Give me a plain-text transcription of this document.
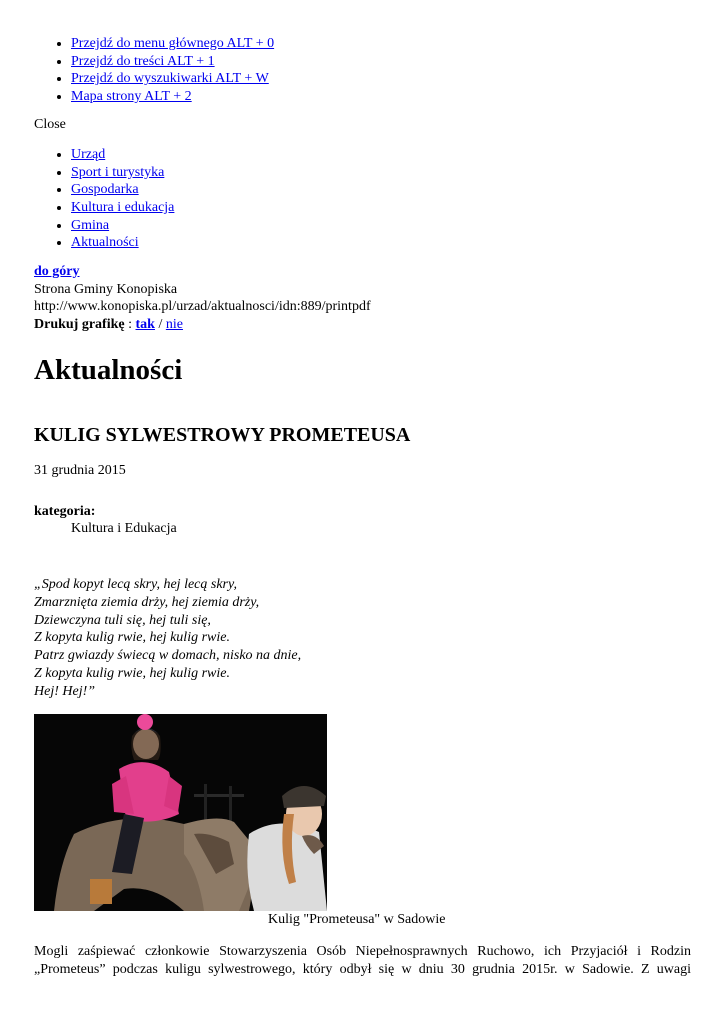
• Przejdź do menu głównego ALT + 0
• Przejdź do treści ALT + 1
• Przejdź do wyszukiwarki ALT + W
• Mapa strony ALT + 2
Close
• Urząd
• Sport i turystyka
• Gospodarka
• Kultura i edukacja
• Gmina
• Aktualności
do góry
Strona Gminy Konopiska
http://www.konopiska.pl/urzad/aktualnosci/idn:889/printpdf
Drukuj grafikę : tak / nie
Aktualności
KULIG SYLWESTROWY PROMETEUSA
31 grudnia 2015
kategoria:
Kultura i Edukacja
„Spod kopyt lecą skry, hej lecą skry,
Zmarznięta ziemia drży, hej ziemia drży,
Dziewczyna tuli się, hej tuli się,
Z kopyta kulig rwie, hej kulig rwie.
Patrz gwiazdy świecą w domach, nisko na dnie,
Z kopyta kulig rwie, hej kulig rwie.
Hej! Hej!”
Kulig "Prometeusa" w Sadowie
Mogli zaśpiewać członkowie Stowarzyszenia Osób Niepełnosprawnych Ruchowo, ich Przyjaciół i Rodzin
„Prometeus” podczas kuligu sylwestrowego, który odbył się w dniu 30 grudnia 2015r. w Sadowie. Z uwagi
